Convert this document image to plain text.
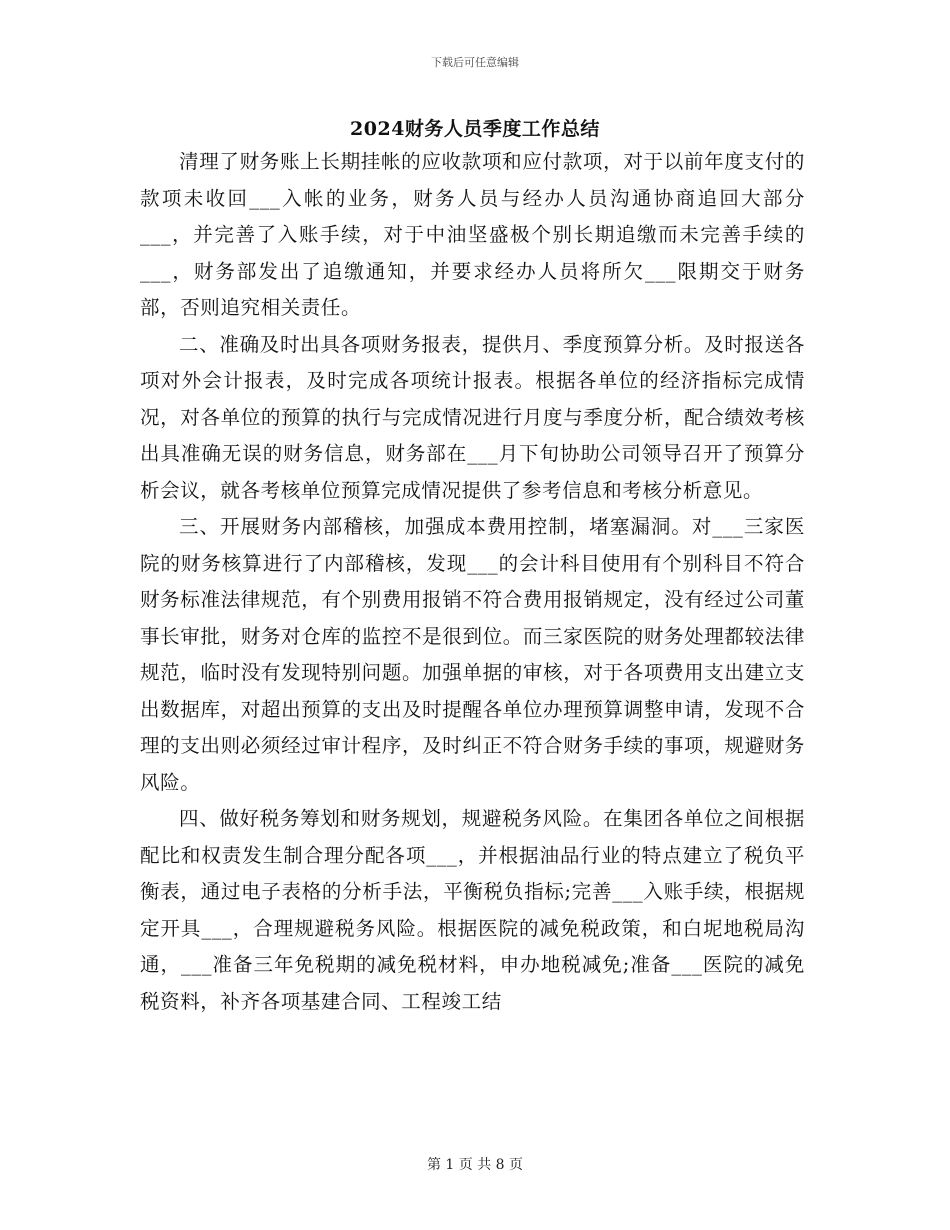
下载后可任意编辑
2024财务人员季度工作总结

清理了财务账上长期挂帐的应收款项和应付款项，对于以前年度支付的款项未收回___入帐的业务，财务人员与经办人员沟通协商追回大部分___，并完善了入账手续，对于中油坚盛极个别长期追缴而未完善手续的___，财务部发出了追缴通知，并要求经办人员将所欠___限期交于财务部，否则追究相关责任。

二、准确及时出具各项财务报表，提供月、季度预算分析。及时报送各项对外会计报表，及时完成各项统计报表。根据各单位的经济指标完成情况，对各单位的预算的执行与完成情况进行月度与季度分析，配合绩效考核出具准确无误的财务信息，财务部在___月下旬协助公司领导召开了预算分析会议，就各考核单位预算完成情况提供了参考信息和考核分析意见。

三、开展财务内部稽核，加强成本费用控制，堵塞漏洞。对___三家医院的财务核算进行了内部稽核，发现___的会计科目使用有个别科目不符合财务标准法律规范，有个别费用报销不符合费用报销规定，没有经过公司董事长审批，财务对仓库的监控不是很到位。而三家医院的财务处理都较法律规范，临时没有发现特别问题。加强单据的审核，对于各项费用支出建立支出数据库，对超出预算的支出及时提醒各单位办理预算调整申请，发现不合理的支出则必须经过审计程序，及时纠正不符合财务手续的事项，规避财务风险。

四、做好税务筹划和财务规划，规避税务风险。在集团各单位之间根据配比和权责发生制合理分配各项___，并根据油品行业的特点建立了税负平衡表，通过电子表格的分析手法，平衡税负指标;完善___入账手续，根据规定开具___，合理规避税务风险。根据医院的减免税政策，和白坭地税局沟通，___准备三年免税期的减免税材料，申办地税减免;准备___医院的减免税资料，补齐各项基建合同、工程竣工结

第 1 页 共 8 页
